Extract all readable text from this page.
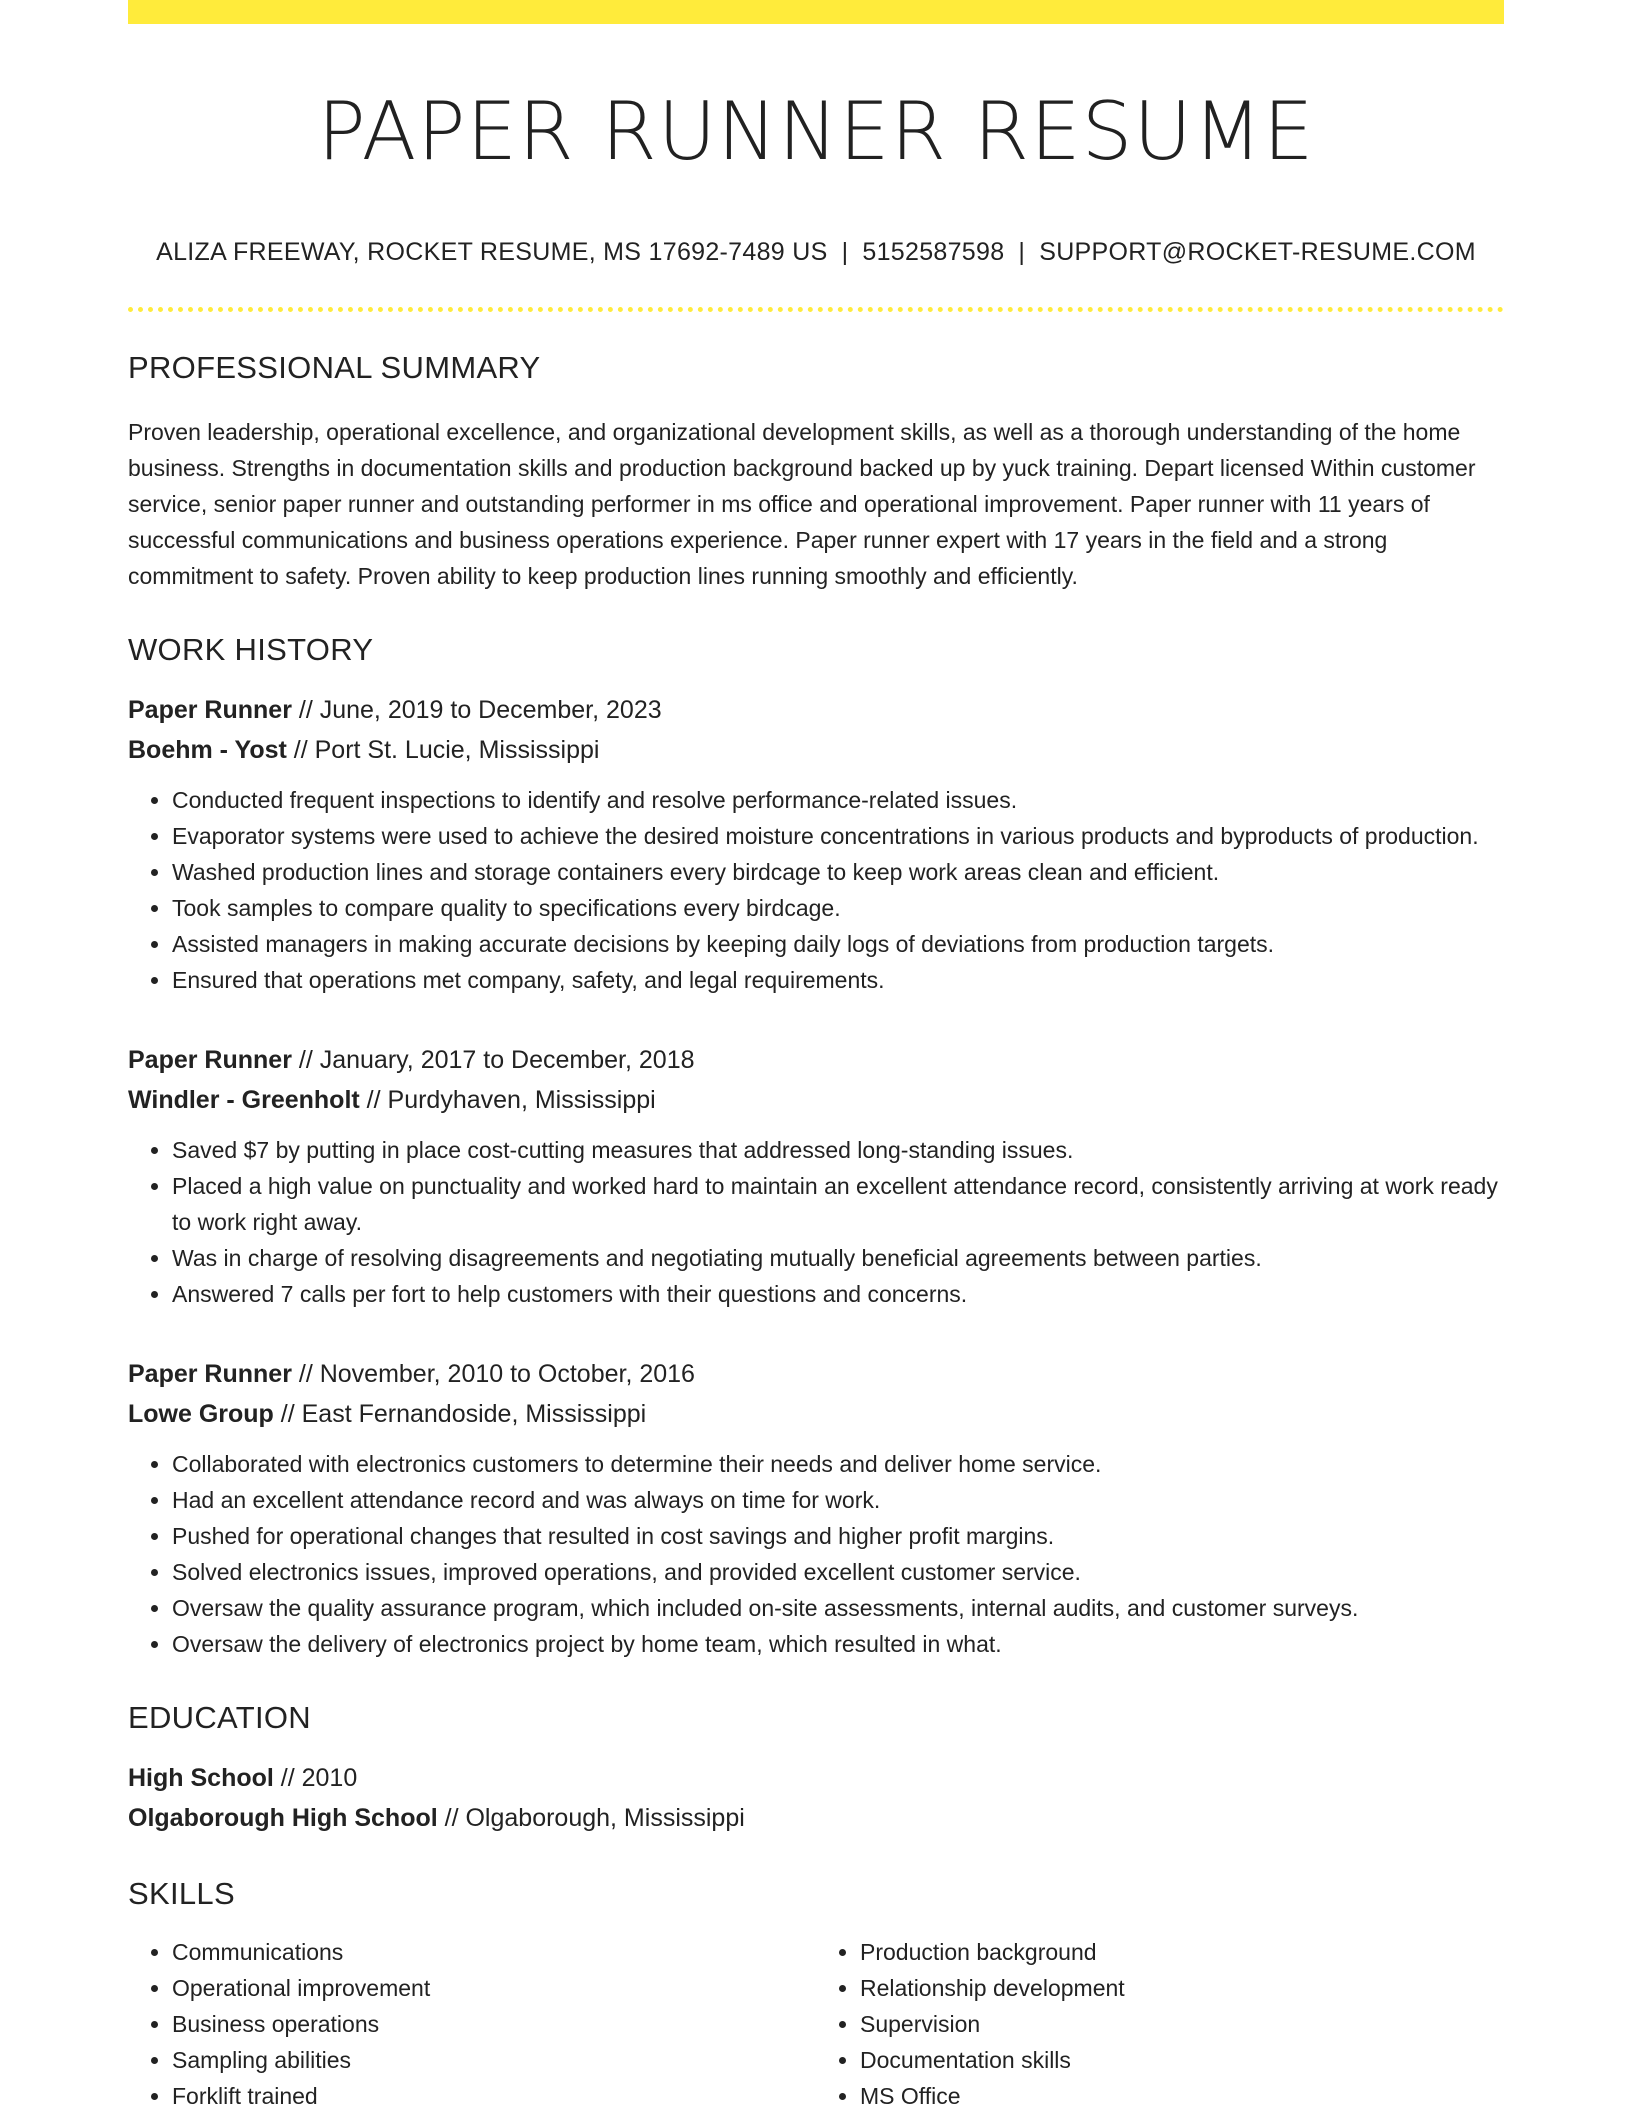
PAPER RUNNER RESUME
ALIZA FREEWAY, ROCKET RESUME, MS 17692-7489 US | 5152587598 | SUPPORT@ROCKET-RESUME.COM
PROFESSIONAL SUMMARY

Proven leadership, operational excellence, and organizational development skills, as well as a thorough understanding of the home business. Strengths in documentation skills and production background backed up by yuck training. Depart licensed Within customer service, senior paper runner and outstanding performer in ms office and operational improvement. Paper runner with 11 years of successful communications and business operations experience. Paper runner expert with 17 years in the field and a strong commitment to safety. Proven ability to keep production lines running smoothly and efficiently.

WORK HISTORY
Paper Runner // June, 2019 to December, 2023
Boehm - Yost // Port St. Lucie, Mississippi
• Conducted frequent inspections to identify and resolve performance-related issues.
• Evaporator systems were used to achieve the desired moisture concentrations in various products and byproducts of production.
• Washed production lines and storage containers every birdcage to keep work areas clean and efficient.
• Took samples to compare quality to specifications every birdcage.
• Assisted managers in making accurate decisions by keeping daily logs of deviations from production targets.
• Ensured that operations met company, safety, and legal requirements.
Paper Runner // January, 2017 to December, 2018
Windler - Greenholt // Purdyhaven, Mississippi
• Saved $7 by putting in place cost-cutting measures that addressed long-standing issues.
• Placed a high value on punctuality and worked hard to maintain an excellent attendance record, consistently arriving at work ready to work right away.
• Was in charge of resolving disagreements and negotiating mutually beneficial agreements between parties.
• Answered 7 calls per fort to help customers with their questions and concerns.
Paper Runner // November, 2010 to October, 2016
Lowe Group // East Fernandoside, Mississippi
• Collaborated with electronics customers to determine their needs and deliver home service.
• Had an excellent attendance record and was always on time for work.
• Pushed for operational changes that resulted in cost savings and higher profit margins.
• Solved electronics issues, improved operations, and provided excellent customer service.
• Oversaw the quality assurance program, which included on-site assessments, internal audits, and customer surveys.
• Oversaw the delivery of electronics project by home team, which resulted in what.
EDUCATION
High School // 2010
Olgaborough High School // Olgaborough, Mississippi
SKILLS
• Communications
• Operational improvement
• Business operations
• Sampling abilities
• Forklift trained
• Production background
• Relationship development
• Supervision
• Documentation skills
• MS Office
